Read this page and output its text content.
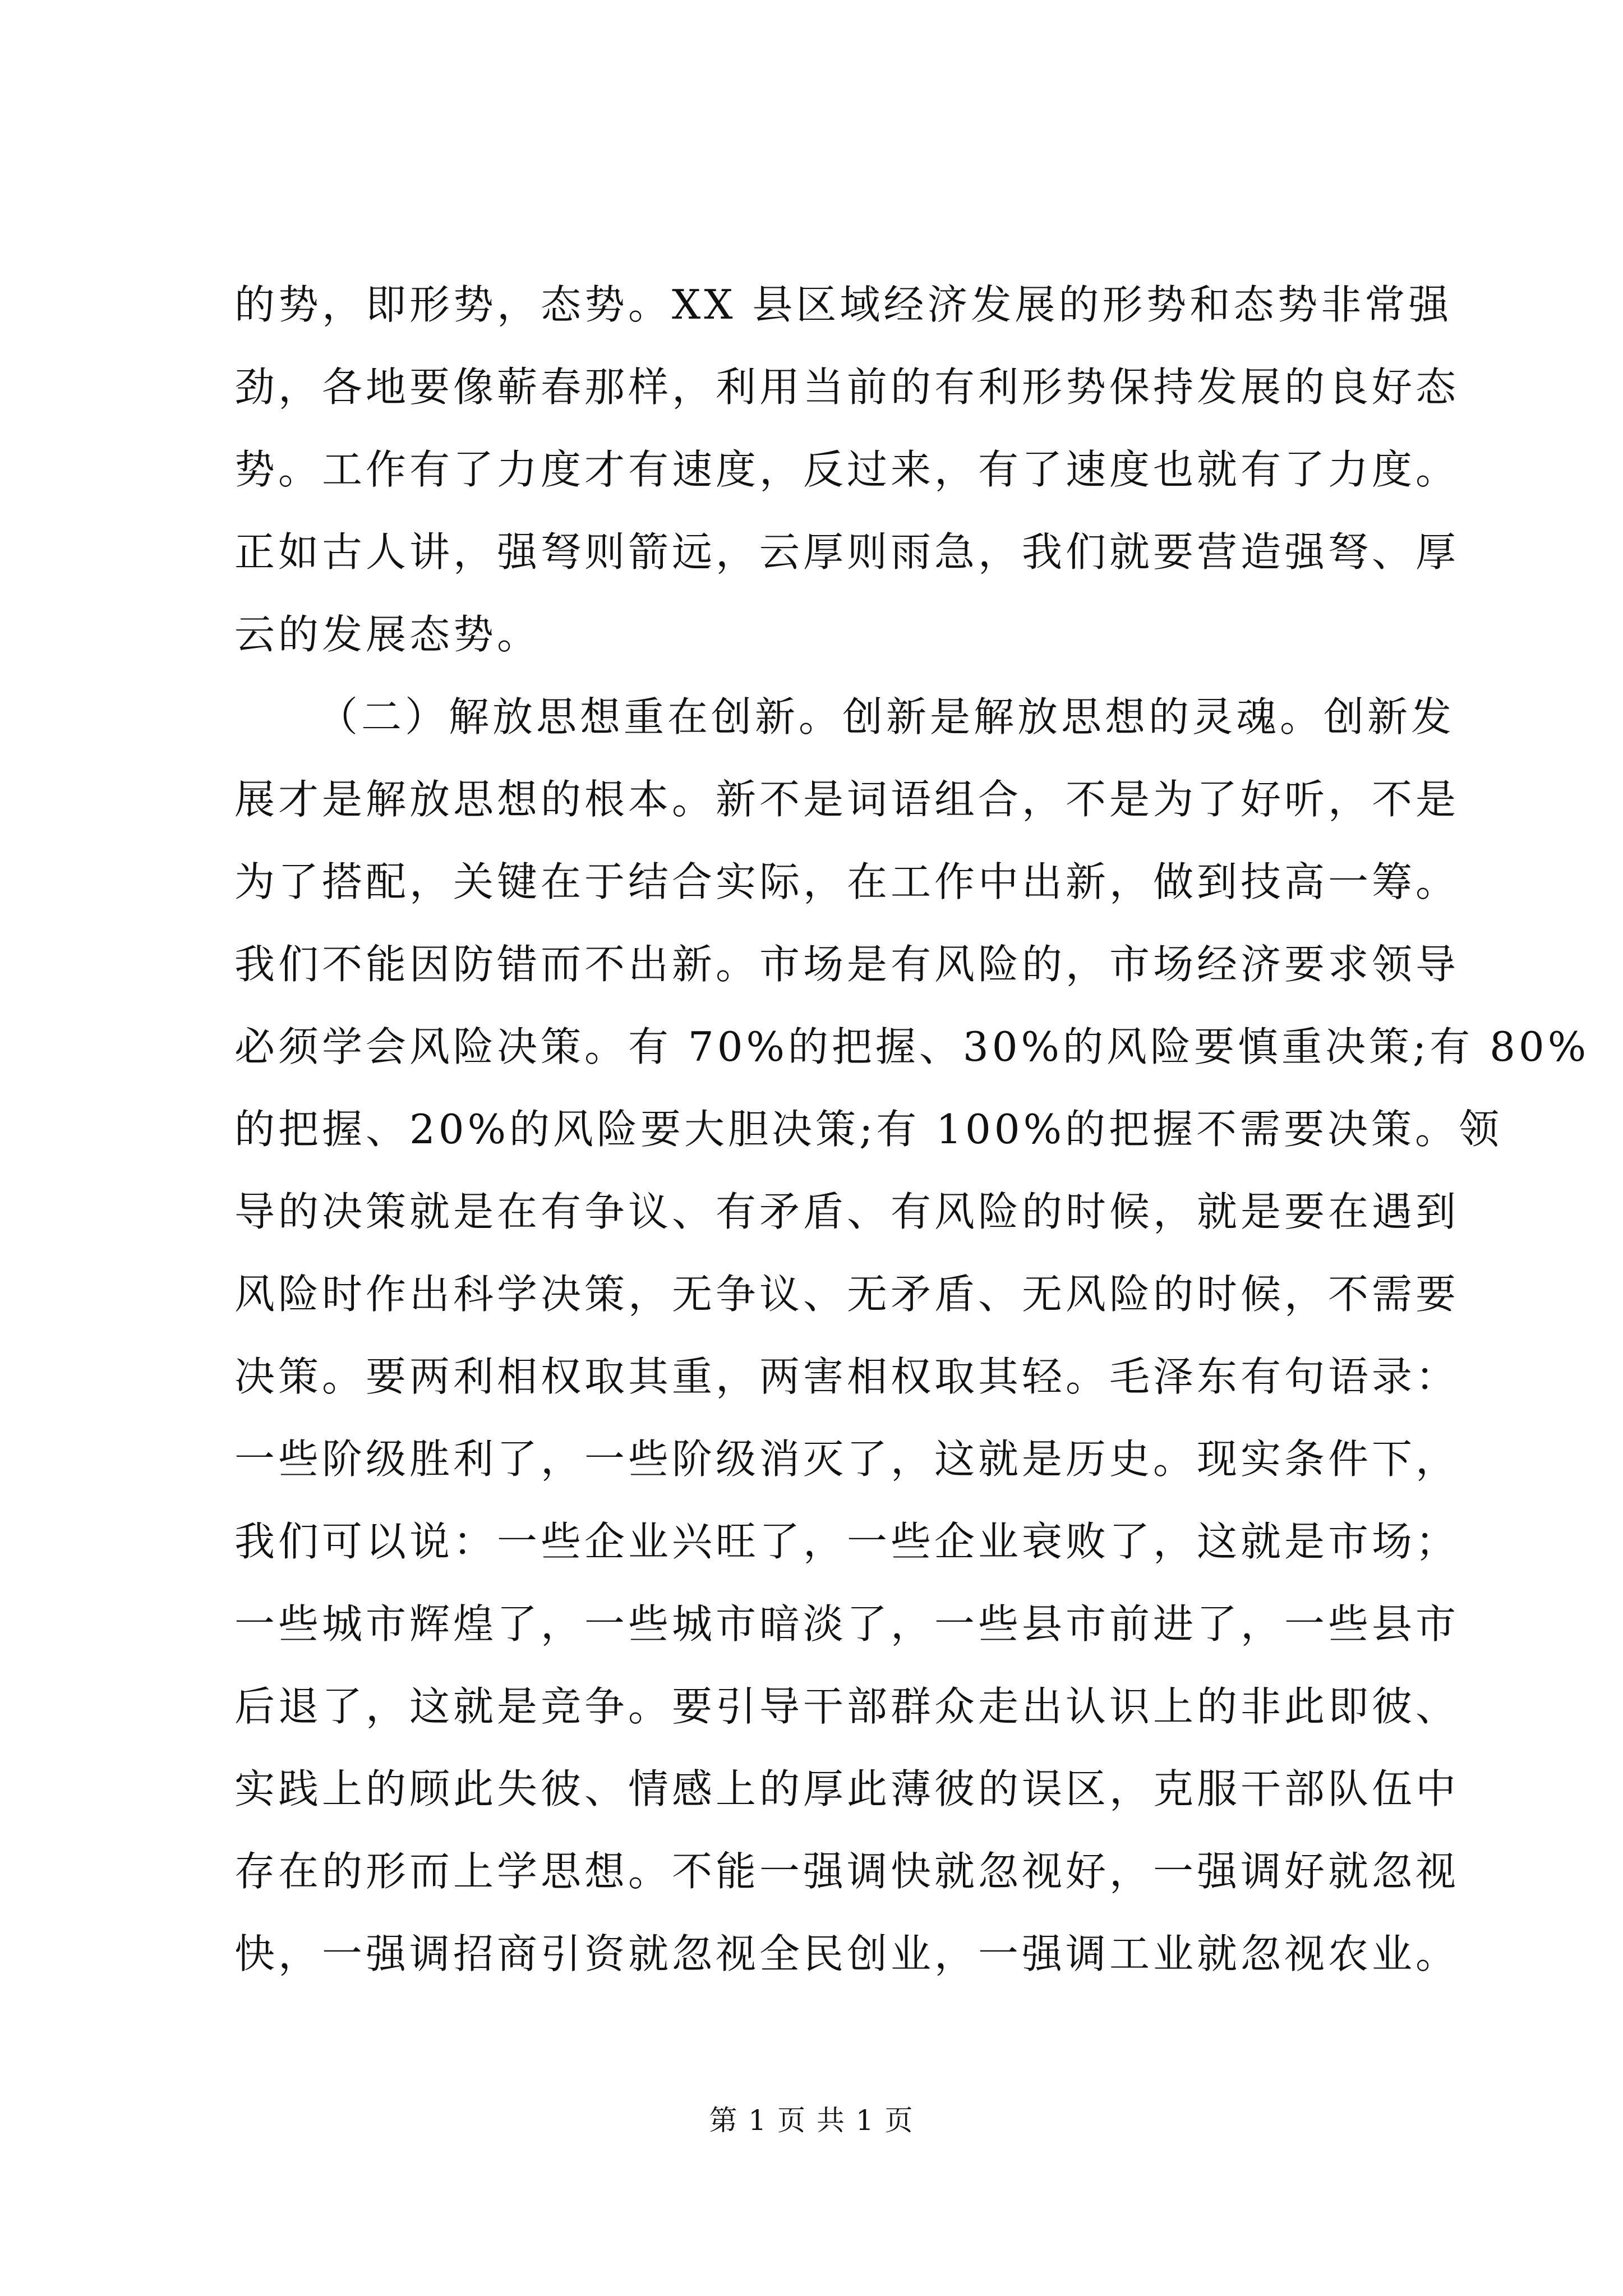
的势，即形势，态势。XX 县区域经济发展的形势和态势非常强
劲，各地要像蕲春那样，利用当前的有利形势保持发展的良好态
势。工作有了力度才有速度，反过来，有了速度也就有了力度。
正如古人讲，强弩则箭远，云厚则雨急，我们就要营造强弩、厚
云的发展态势。
（二）解放思想重在创新。创新是解放思想的灵魂。创新发
展才是解放思想的根本。新不是词语组合，不是为了好听，不是
为了搭配，关键在于结合实际，在工作中出新，做到技高一筹。
我们不能因防错而不出新。市场是有风险的，市场经济要求领导
必须学会风险决策。有 70%的把握、30%的风险要慎重决策;有 80%
的把握、20%的风险要大胆决策;有 100%的把握不需要决策。领
导的决策就是在有争议、有矛盾、有风险的时候，就是要在遇到
风险时作出科学决策，无争议、无矛盾、无风险的时候，不需要
决策。要两利相权取其重，两害相权取其轻。毛泽东有句语录：
一些阶级胜利了，一些阶级消灭了，这就是历史。现实条件下，
我们可以说：一些企业兴旺了，一些企业衰败了，这就是市场；
一些城市辉煌了，一些城市暗淡了，一些县市前进了，一些县市
后退了，这就是竞争。要引导干部群众走出认识上的非此即彼、
实践上的顾此失彼、情感上的厚此薄彼的误区，克服干部队伍中
存在的形而上学思想。不能一强调快就忽视好，一强调好就忽视
快，一强调招商引资就忽视全民创业，一强调工业就忽视农业。
第 1 页 共 1 页
